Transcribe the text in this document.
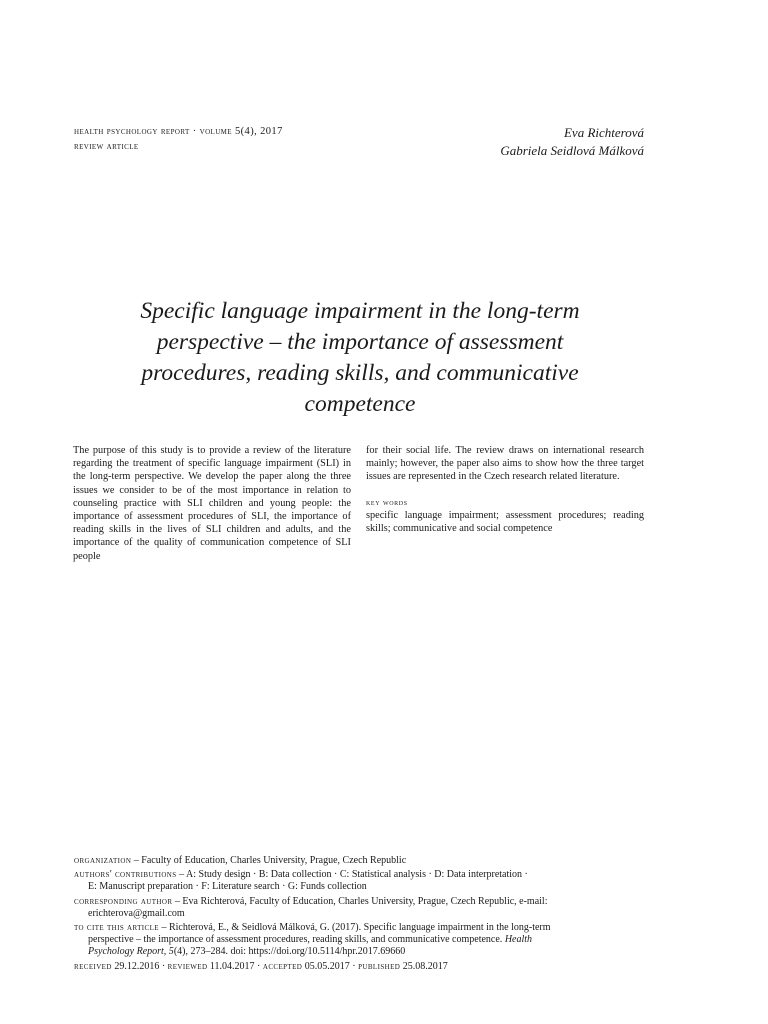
health psychology report · volume 5(4), 2017
review article
Eva Richterová
Gabriela Seidlová Málková
Specific language impairment in the long-term
perspective – the importance of assessment
procedures, reading skills, and communicative
competence
The purpose of this study is to provide a review of the literature regarding the treatment of specific language impairment (SLI) in the long-term perspective. We develop the paper along the three issues we consider to be of the most importance in relation to counseling practice with SLI children and young people: the importance of assessment procedures of SLI, the importance of reading skills in the lives of SLI children and adults, and the importance of the quality of communication competence of SLI people
for their social life. The review draws on international research mainly; however, the paper also aims to show how the three target issues are represented in the Czech research related literature.
key words
specific language impairment; assessment procedures; reading skills; communicative and social competence
organization – Faculty of Education, Charles University, Prague, Czech Republic
authors' contributions – A: Study design · B: Data collection · C: Statistical analysis · D: Data interpretation ·
E: Manuscript preparation · F: Literature search · G: Funds collection
corresponding author – Eva Richterová, Faculty of Education, Charles University, Prague, Czech Republic, e-mail:
erichterova@gmail.com
to cite this article – Richterová, E., & Seidlová Málková, G. (2017). Specific language impairment in the long-term
perspective – the importance of assessment procedures, reading skills, and communicative competence. Health
Psychology Report, 5(4), 273–284. doi: https://doi.org/10.5114/hpr.2017.69660
received 29.12.2016 · reviewed 11.04.2017 · accepted 05.05.2017 · published 25.08.2017
